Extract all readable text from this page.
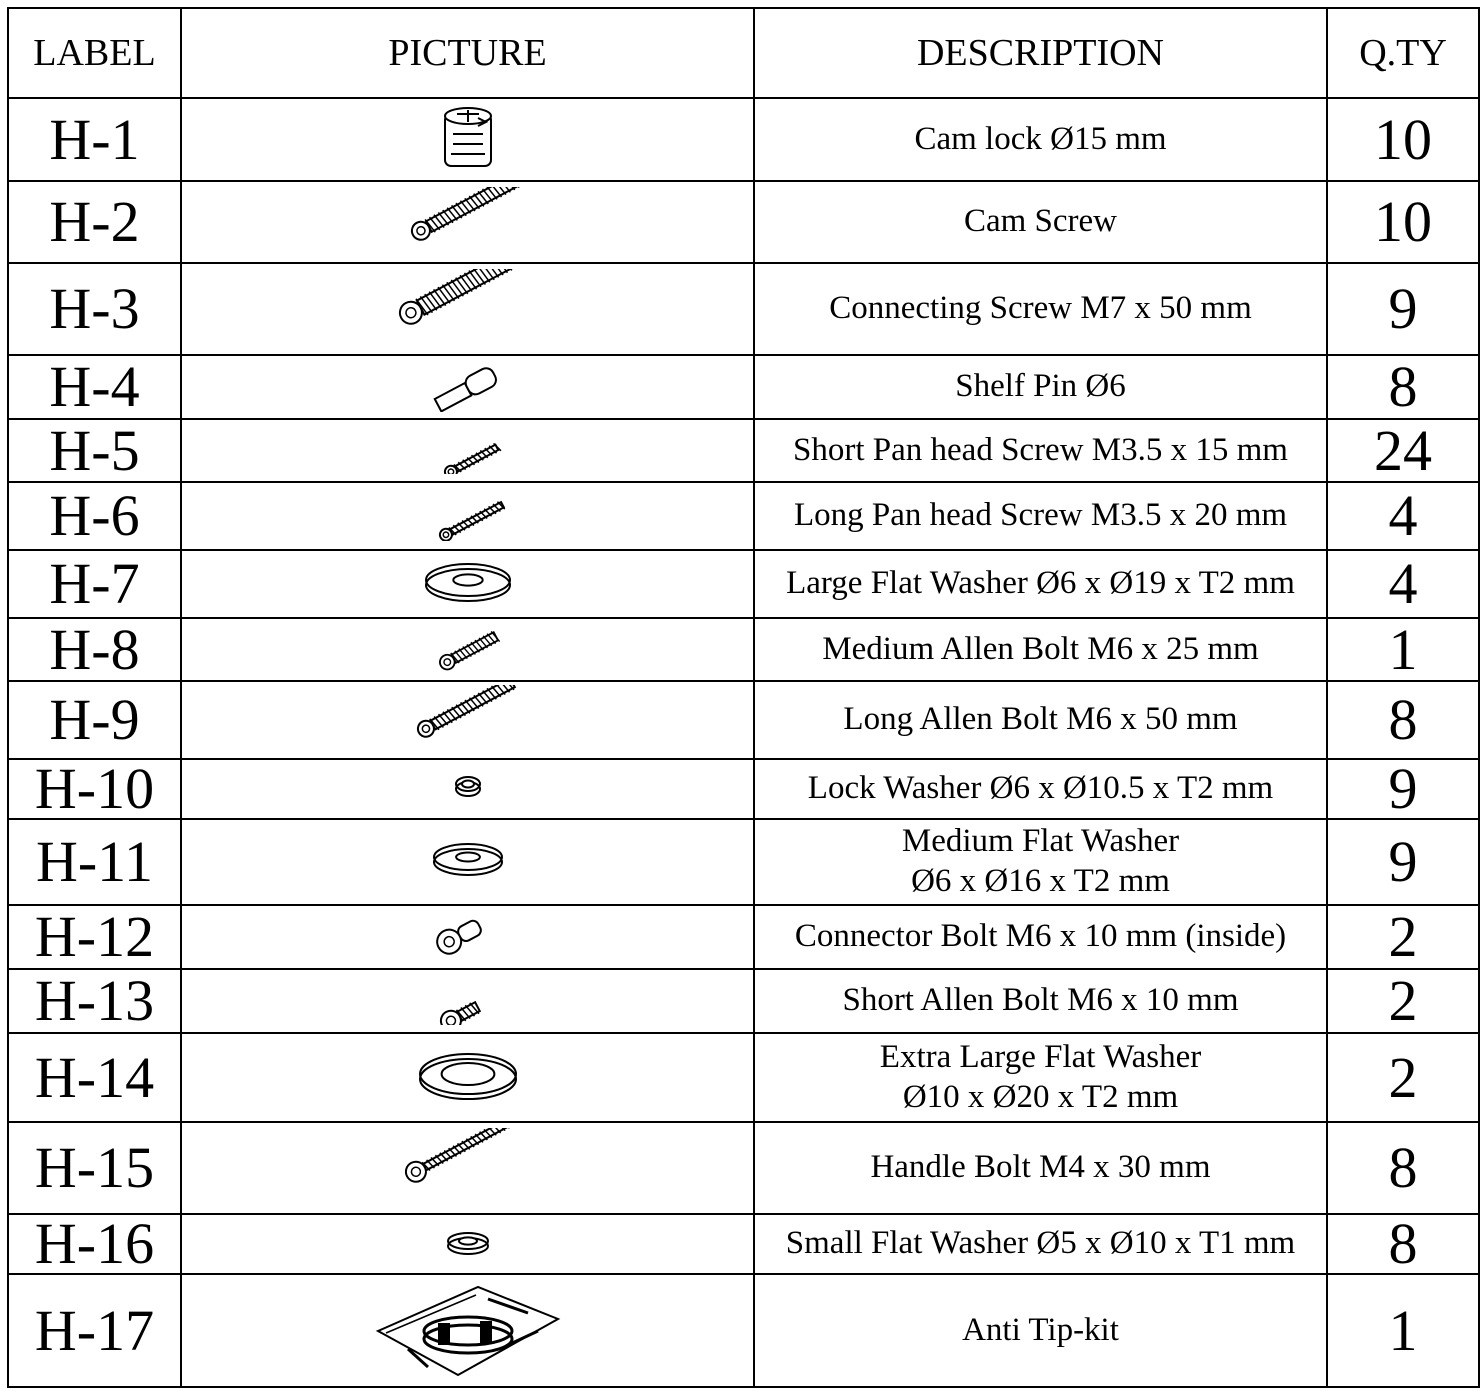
LABEL	PICTURE	DESCRIPTION	Q.TY
H-1		Cam lock Ø15 mm	10
H-2		Cam Screw	10
H-3		Connecting Screw M7 x 50 mm	9
H-4		Shelf Pin Ø6	8
H-5		Short Pan head Screw M3.5 x 15 mm	24
H-6		Long Pan head Screw M3.5 x 20 mm	4
H-7		Large Flat Washer Ø6 x Ø19 x T2 mm	4
H-8		Medium Allen Bolt M6 x 25 mm	1
H-9		Long Allen Bolt M6 x 50 mm	8
H-10		Lock Washer Ø6 x Ø10.5 x T2 mm	9
H-11		Medium Flat Washer
Ø6 x Ø16 x T2 mm	9
H-12		Connector Bolt M6 x 10 mm (inside)	2
H-13		Short Allen Bolt M6 x 10 mm	2
H-14		Extra Large Flat Washer
Ø10 x Ø20 x T2 mm	2
H-15		Handle Bolt M4 x 30 mm	8
H-16		Small Flat Washer Ø5 x Ø10 x T1 mm	8
H-17		Anti Tip-kit	1
